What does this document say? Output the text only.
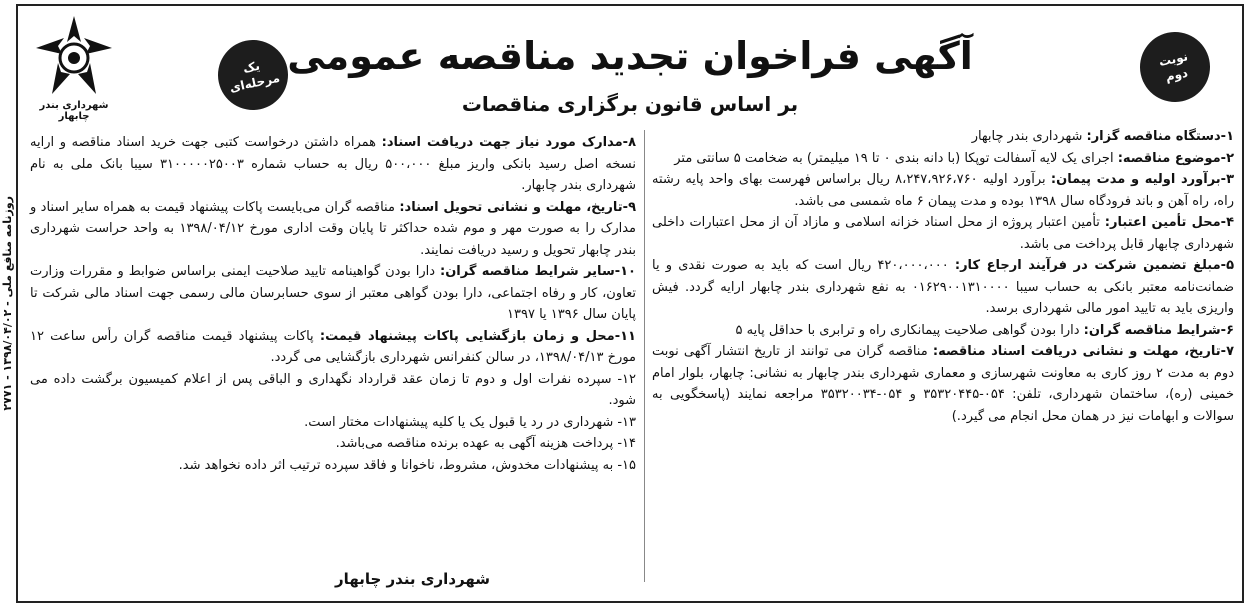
روزنامه منافع ملی - ۱۳۹۸/۰۴/۰۲ - ۲۷۷۱
شهرداری بندر چابهار
یک
مرحله‌ای
نوبت
دوم
آگهی فراخوان تجدید مناقصه عمومی
بر اساس قانون برگزاری مناقصات

۱-دستگاه مناقصه گزار: شهرداری بندر چابهار

۲-موضوع مناقصه: اجرای یک لایه آسفالت توپکا (با دانه بندی ۰ تا ۱۹ میلیمتر) به ضخامت ۵ سانتی متر

۳-برآورد اولیه و مدت پیمان: برآورد اولیه ۸،۲۴۷،۹۲۶،۷۶۰ ریال براساس فهرست بهای واحد پایه رشته راه، راه آهن و باند فرودگاه سال ۱۳۹۸ بوده و مدت پیمان ۶ ماه شمسی می باشد.

۴-محل تأمین اعتبار: تأمین اعتبار پروژه از محل اسناد خزانه اسلامی و مازاد آن از محل اعتبارات داخلی شهرداری چابهار قابل پرداخت می باشد.

۵-مبلغ تضمین شرکت در فرآیند ارجاع کار: ۴۲۰،۰۰۰،۰۰۰ ریال است که باید به صورت نقدی و یا ضمانت‌نامه معتبر بانکی به حساب سیبا ۰۱۶۲۹۰۰۱۳۱۰۰۰۰ به نفع شهرداری بندر چابهار ارایه گردد. فیش واریزی باید به تایید امور مالی شهرداری برسد.

۶-شرایط مناقصه گران: دارا بودن گواهی صلاحیت پیمانکاری راه و ترابری با حداقل پایه ۵

۷-تاریخ، مهلت و نشانی دریافت اسناد مناقصه: مناقصه گران می توانند از تاریخ انتشار آگهی نوبت دوم به مدت ۲ روز کاری به معاونت شهرسازی و معماری شهرداری بندر چابهار به نشانی: چابهار، بلوار امام خمینی (ره)، ساختمان شهرداری، تلفن: ۰۵۴-۳۵۳۲۰۴۴۵ و ۰۵۴-۳۵۳۲۰۰۳۴ مراجعه نمایند (پاسخگویی به سوالات و ابهامات نیز در همان محل انجام می گیرد.)

۸-مدارک مورد نیاز جهت دریافت اسناد: همراه داشتن درخواست کتبی جهت خرید اسناد مناقصه و ارایه نسخه اصل رسید بانکی واریز مبلغ ۵۰۰،۰۰۰ ریال به حساب شماره ۳۱۰۰۰۰۰۲۵۰۰۳ سیبا بانک ملی به نام شهرداری بندر چابهار.

۹-تاریخ، مهلت و نشانی تحویل اسناد: مناقصه گران می‌بایست پاکات پیشنهاد قیمت به همراه سایر اسناد و مدارک را به صورت مهر و موم شده حداکثر تا پایان وقت اداری مورخ ۱۳۹۸/۰۴/۱۲ به واحد حراست شهرداری بندر چابهار تحویل و رسید دریافت نمایند.

۱۰-سایر شرایط مناقصه گران: دارا بودن گواهینامه تایید صلاحیت ایمنی براساس ضوابط و مقررات وزارت تعاون، کار و رفاه اجتماعی، دارا بودن گواهی معتبر از سوی حسابرسان مالی رسمی جهت اسناد مالی شرکت تا پایان سال ۱۳۹۶ یا ۱۳۹۷

۱۱-محل و زمان بازگشایی پاکات پیشنهاد قیمت: پاکات پیشنهاد قیمت مناقصه گران رأس ساعت ۱۲ مورخ ۱۳۹۸/۰۴/۱۳، در سالن کنفرانس شهرداری بازگشایی می گردد.

۱۲- سپرده نفرات اول و دوم تا زمان عقد قرارداد نگهداری و الباقی پس از اعلام کمیسیون برگشت داده می شود.

۱۳- شهرداری در رد یا قبول یک یا کلیه پیشنهادات مختار است.

۱۴- پرداخت هزینه آگهی به عهده برنده مناقصه می‌باشد.

۱۵- به پیشنهادات مخدوش، مشروط، ناخوانا و فاقد سپرده ترتیب اثر داده نخواهد شد.

شهرداری بندر چابهار
